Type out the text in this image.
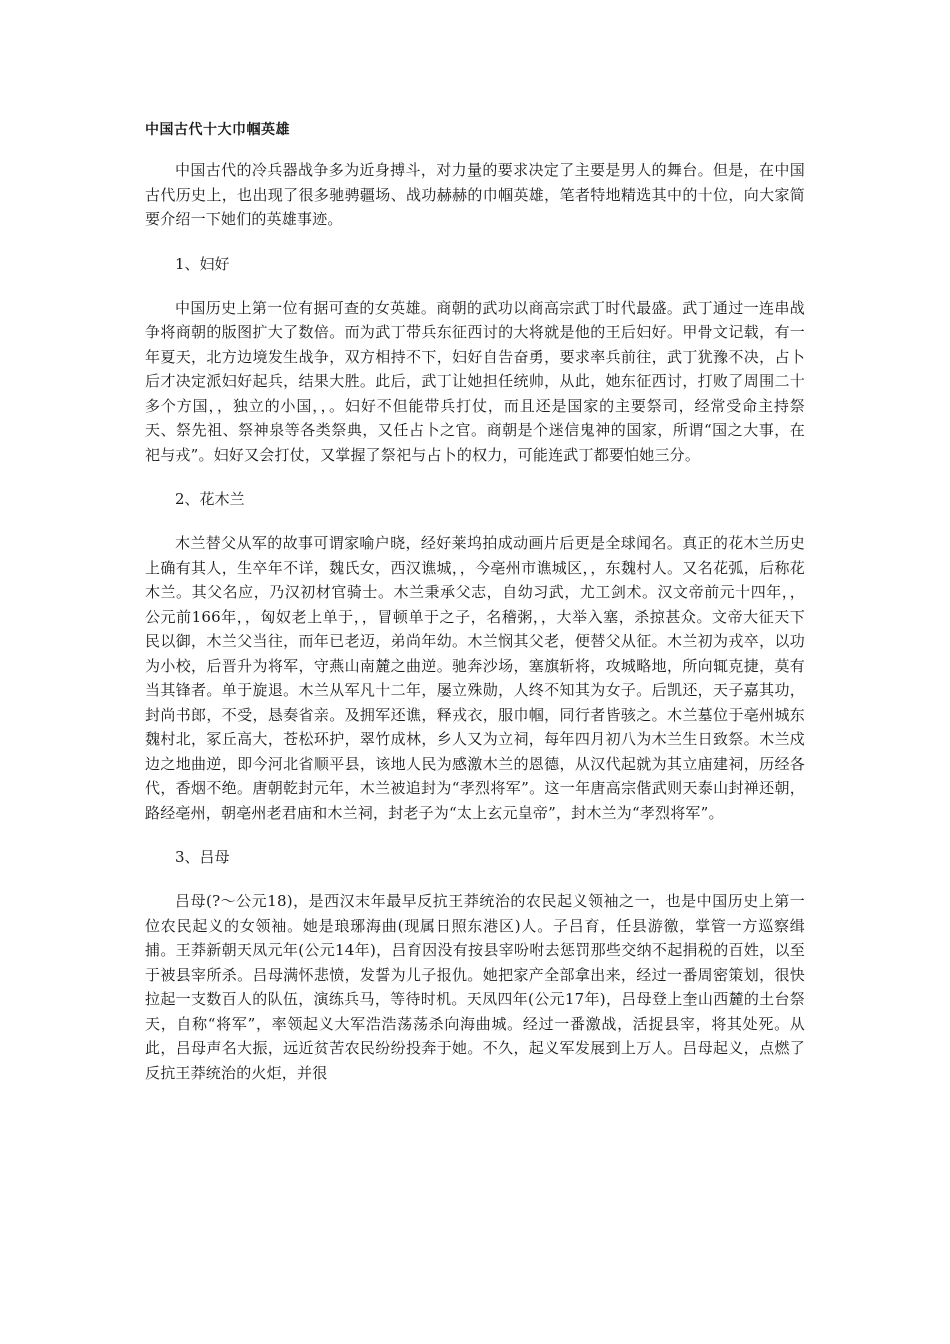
中国古代十大巾帼英雄

中国古代的冷兵器战争多为近身搏斗，对力量的要求决定了主要是男人的舞台。但是，在中国古代历史上，也出现了很多驰骋疆场、战功赫赫的巾帼英雄，笔者特地精选其中的十位，向大家简要介绍一下她们的英雄事迹。

1、妇好

中国历史上第一位有据可查的女英雄。商朝的武功以商高宗武丁时代最盛。武丁通过一连串战争将商朝的版图扩大了数倍。而为武丁带兵东征西讨的大将就是他的王后妇好。甲骨文记载，有一年夏天，北方边境发生战争，双方相持不下，妇好自告奋勇，要求率兵前往，武丁犹豫不决，占卜后才决定派妇好起兵，结果大胜。此后，武丁让她担任统帅，从此，她东征西讨，打败了周围二十多个方国，，独立的小国，，。妇好不但能带兵打仗，而且还是国家的主要祭司，经常受命主持祭天、祭先祖、祭神泉等各类祭典，又任占卜之官。商朝是个迷信鬼神的国家，所谓“国之大事，在祀与戎”。妇好又会打仗，又掌握了祭祀与占卜的权力，可能连武丁都要怕她三分。

2、花木兰

木兰替父从军的故事可谓家喻户晓，经好莱坞拍成动画片后更是全球闻名。真正的花木兰历史上确有其人，生卒年不详，魏氏女，西汉谯城，，今亳州市谯城区，，东魏村人。又名花弧，后称花木兰。其父名应，乃汉初材官骑士。木兰秉承父志，自幼习武，尤工剑术。汉文帝前元十四年，，公元前166年，，匈奴老上单于，，冒顿单于之子，名稽粥，，大举入塞，杀掠甚众。文帝大征天下民以御，木兰父当往，而年已老迈，弟尚年幼。木兰悯其父老，便替父从征。木兰初为戎卒，以功为小校，后晋升为将军，守燕山南麓之曲逆。驰奔沙场，塞旗斩将，攻城略地，所向辄克捷，莫有当其锋者。单于旋退。木兰从军凡十二年，屡立殊勋，人终不知其为女子。后凯还，天子嘉其功，封尚书郎，不受，恳奏省亲。及拥军还谯，释戎衣，服巾帼，同行者皆骇之。木兰墓位于亳州城东魏村北，冢丘高大，苍松环护，翠竹成林，乡人又为立祠，每年四月初八为木兰生日致祭。木兰戍边之地曲逆，即今河北省顺平县，该地人民为感激木兰的恩德，从汉代起就为其立庙建祠，历经各代，香烟不绝。唐朝乾封元年，木兰被追封为“孝烈将军”。这一年唐高宗偕武则天泰山封禅还朝，路经亳州，朝亳州老君庙和木兰祠，封老子为“太上玄元皇帝”，封木兰为“孝烈将军”。

3、吕母

吕母(?～公元18)，是西汉末年最早反抗王莽统治的农民起义领袖之一，也是中国历史上第一位农民起义的女领袖。她是琅琊海曲(现属日照东港区)人。子吕育，任县游徼，掌管一方巡察缉捕。王莽新朝天凤元年(公元14年)，吕育因没有按县宰吩咐去惩罚那些交纳不起捐税的百姓，以至于被县宰所杀。吕母满怀悲愤，发誓为儿子报仇。她把家产全部拿出来，经过一番周密策划，很快拉起一支数百人的队伍，演练兵马，等待时机。天凤四年(公元17年)，吕母登上奎山西麓的土台祭天，自称“将军”，率领起义大军浩浩荡荡杀向海曲城。经过一番激战，活捉县宰，将其处死。从此，吕母声名大振，远近贫苦农民纷纷投奔于她。不久，起义军发展到上万人。吕母起义，点燃了反抗王莽统治的火炬，并很
